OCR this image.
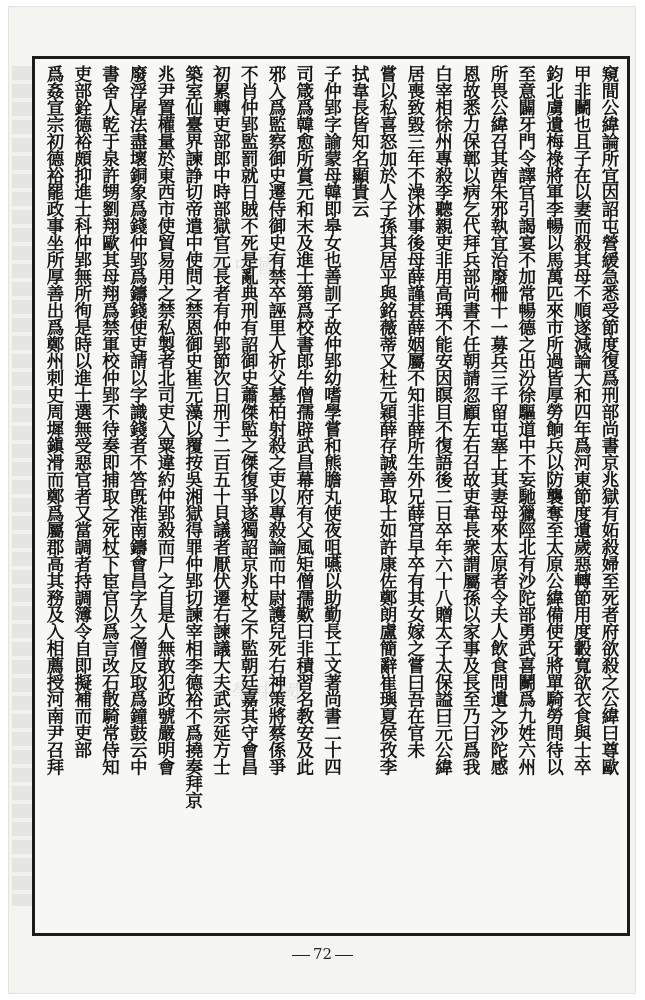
窺間公緯論所宜因詔屯營緩急悉受節度復爲刑部尚書京兆獄有妬殺婦至死者府欲殺之公緯曰尊歐
甲非鬭也且子在以妻而殺其母不順遂減論大和四年爲河東節度遺歲惡轉節用度轂寬欲衣食與士卒
鈞北虜遺梅祿將軍李暢以馬萬匹來市所過皆厚勞餉兵以防襲奪至太原公緯備使牙將單騎勞問待以
至意闢牙門令譯官引謁宴不加常暢德之出汾徐驅道中不妄馳獵陘北有沙陀部勇武喜鬭爲九姓六州
所畏公緯召其酋朱邪執宜治廢柵十一募兵三千留屯塞上其妻母來太原者令夫人飲食問遺之沙陀感
恩故悉力保鄣以病乞代拜兵部尚書不任朝請忽顧左右召故吏韋長衆謂屬孫以家事及長至乃曰爲我
白宰相徐州專殺李聽親吏非用高瑀不能安因瞑目不復語後二日卒年六十八贈太子太保謚曰元公緯
居喪致毀三年不澡沐事後母薛謹甚薛姻屬不知非薛所生外兄薛宮早卒有其女嫁之嘗曰吾在官未
嘗以私喜怒加於人子孫其居平與銘薇蒂又杜元穎薛存誠善取士如許康佐鄭朗盧簡辭崔璵夏侯孜李
拭韋長皆知名顯貴云
子仲郢字諭蒙母韓即皋女也善訓子故仲郢幼嗜學嘗和熊膽丸使夜咀嚥以助勤長工文著尚書二十四
司箴爲韓愈所賞元和末及進士第爲校書郎牛僧孺辟武昌幕府有父風矩僧孺歎曰非積習名教安及此
邪入爲監察御史遷侍御史有禁卒誣里人祈父墓柏射殺之吏以專殺論而中尉護兒死右神策將蔡係爭
不肖仲郢監罰就日賊不死是亂典刑有詔御史蕭傑監之傑復爭遂獨詔京兆杖之不監朝廷嘉其守會昌
初累轉吏部郎中時部獄官元長者有仲郢節次日刑于二百五十貝議者厭伏遷右諫議大夫武宗延方士
築室仙臺界諫諍切帝遣中使問之禁恩御史崔元藻以覆按吳湘獄得罪仲郢切諫宰相李德裕不爲撓奏拜京
兆尹置權量於東西市使貿易用之禁私製者北司吏入粟違約仲郢殺而尸之自是人無敢犯政號嚴明會
廢浮屠法盡壞銅象爲錢仲郢爲鑄錢使吏請以字識錢者不答旣淮南鑄會昌字久之僧反取爲鐘鼓云中
書舍人乾于泉許甥劉翔歐其母翔爲禁軍校仲郢不待奏即捕取之死杖下宦官以爲言改石散騎常侍知
吏部銓德裕頗抑進士科仲郢無所徇是時以進士選無受惡官者又當調者持調簿令自即擬補而吏部
爲姦宣宗初德裕罷政事坐所厚善出爲鄭州刺史周墀鎭滑而鄭爲屬郡高其務及入相薦授河南尹召拜
72
